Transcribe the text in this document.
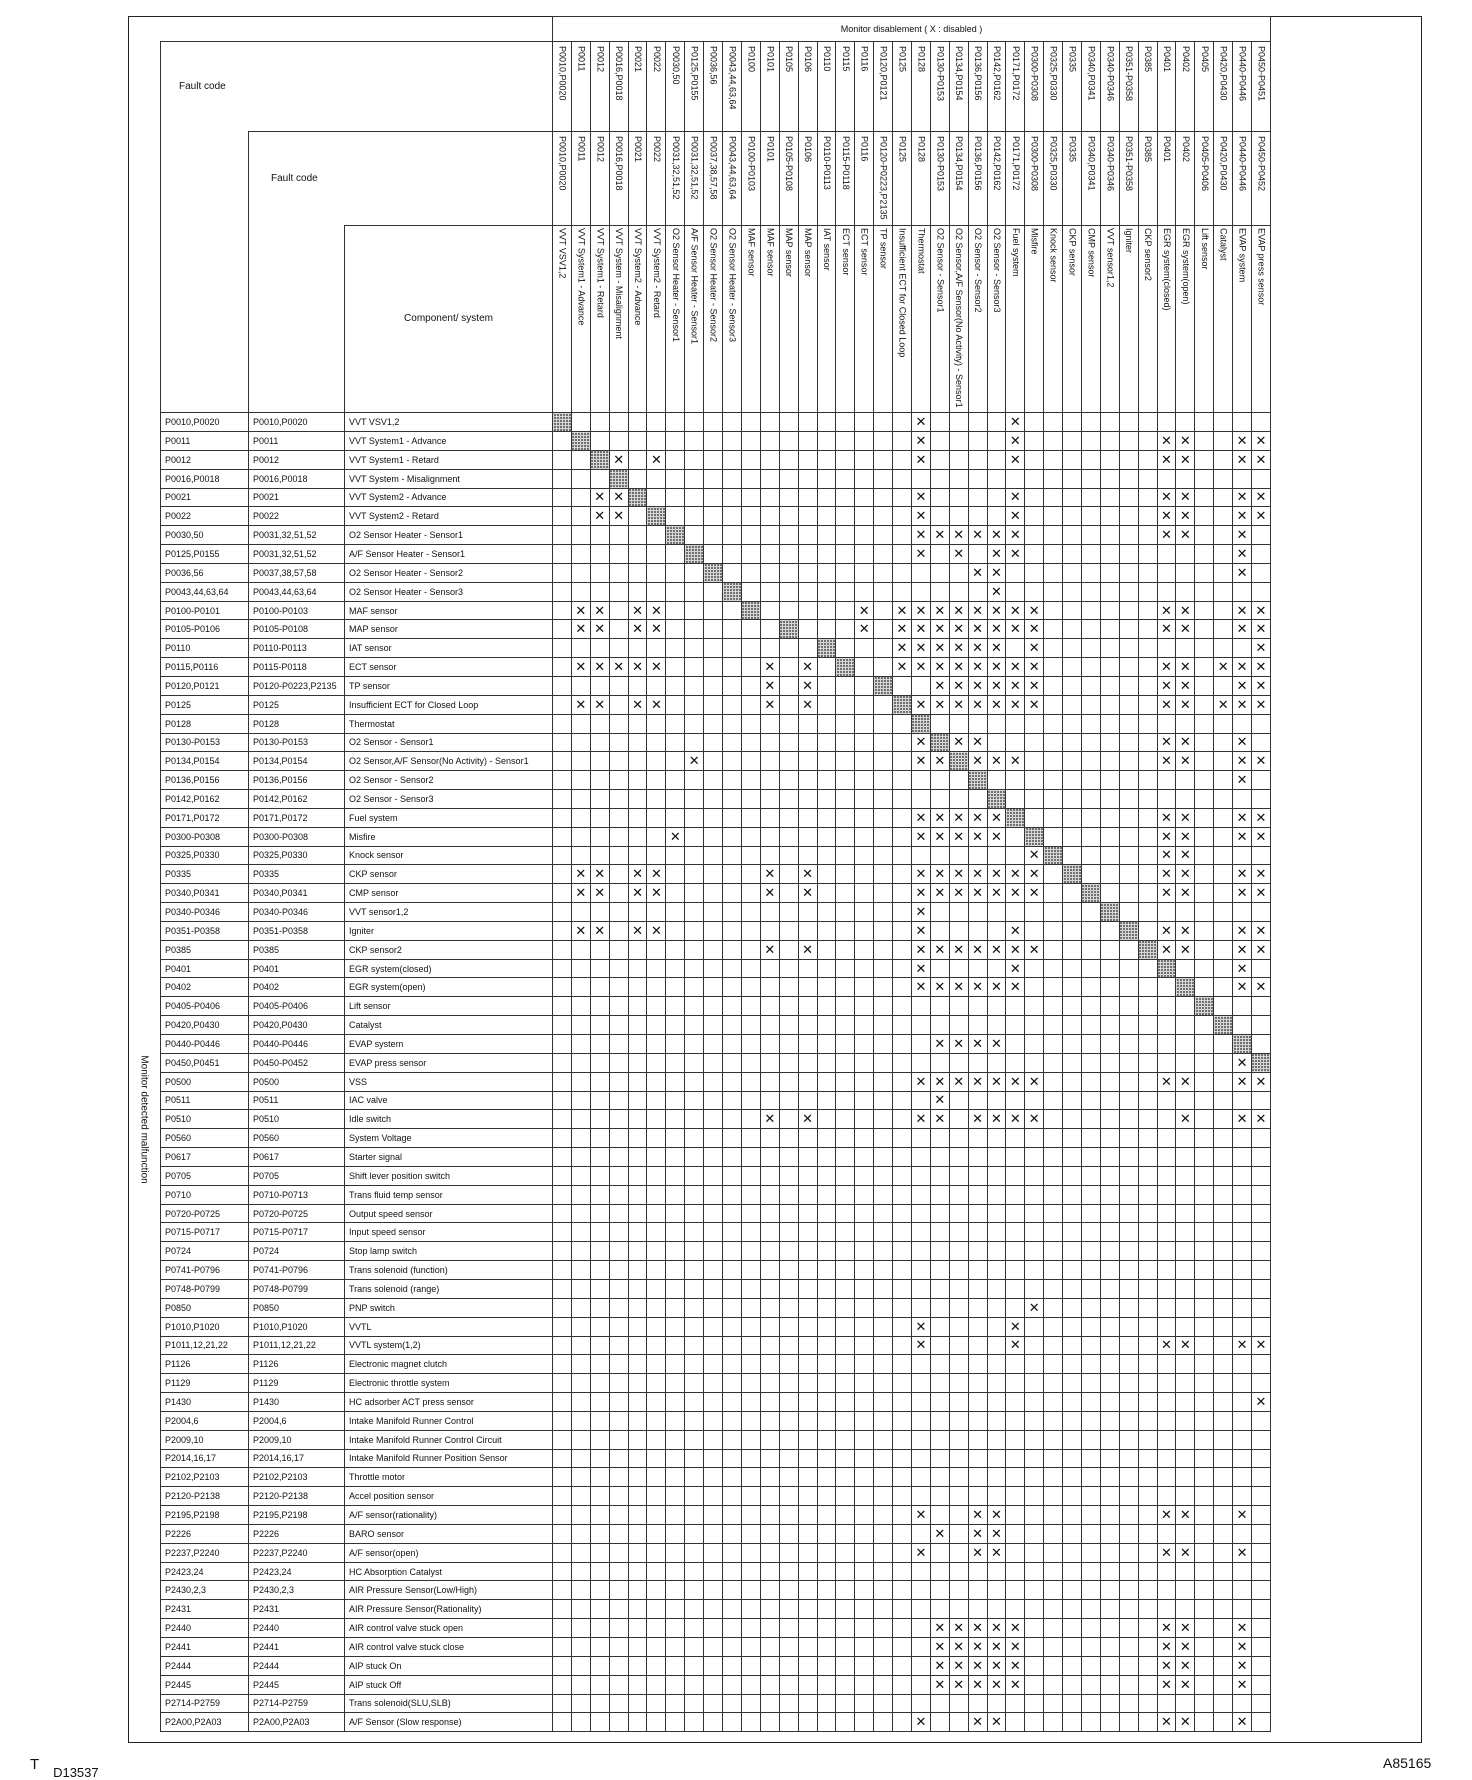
Monitor detected malfunction
			Monitor disablement ( X : disabled )																																					
Fault code			P0010,P0020	P0011	P0012	P0016,P0018	P0021	P0022	P0030,50	P0125,P0155	P0036,56	P0043,44,63,64	P0100	P0101	P0105	P0106	P0110	P0115	P0116	P0120,P0121	P0125	P0128	P0130-P0153	P0134,P0154	P0136,P0156	P0142,P0162	P0171,P0172	P0300-P0308	P0325,P0330	P0335	P0340,P0341	P0340-P0346	P0351-P0358	P0385	P0401	P0402	P0405	P0420,P0430	P0440-P0446	P0450-P0451
	Fault code		P0010,P0020	P0011	P0012	P0016,P0018	P0021	P0022	P0031,32,51,52	P0031,32,51,52	P0037,38,57,58	P0043,44,63,64	P0100-P0103	P0101	P0105-P0108	P0106	P0110-P0113	P0115-P0118	P0116	P0120-P0223,P2135	P0125	P0128	P0130-P0153	P0134,P0154	P0136,P0156	P0142,P0162	P0171,P0172	P0300-P0308	P0325,P0330	P0335	P0340,P0341	P0340-P0346	P0351-P0358	P0385	P0401	P0402	P0405-P0406	P0420,P0430	P0440-P0446	P0450-P0452
		Component/ system	VVT VSV1,2	VVT System1 - Advance	VVT System1 - Retard	VVT System - Misalignment	VVT System2 - Advance	VVT System2 - Retard	O2 Sensor Heater - Sensor1	A/F Sensor Heater - Sensor1	O2 Sensor Heater - Sensor2	O2 Sensor Heater - Sensor3	MAF sensor	MAF sensor	MAP sensor	MAP sensor	IAT sensor	ECT sensor	ECT sensor	TP sensor	Insufficient ECT for Closed Loop	Thermostat	O2 Sensor - Sensor1	O2 Sensor,A/F Sensor(No Activity) - Sensor1	O2 Sensor - Sensor2	O2 Sensor - Sensor3	Fuel system	Misfire	Knock sensor	CKP sensor	CMP sensor	VVT sensor1,2	Igniter	CKP sensor2	EGR system(closed)	EGR system(open)	Lift sensor	Catalyst	EVAP system	EVAP press sensor
P0010,P0020	P0010,P0020	VVT VSV1,2																				✕					✕													
P0011	P0011	VVT System1 - Advance																				✕					✕								✕	✕			✕	✕
P0012	P0012	VVT System1 - Retard				✕		✕														✕					✕								✕	✕			✕	✕
P0016,P0018	P0016,P0018	VVT System - Misalignment																																						
P0021	P0021	VVT System2 - Advance			✕	✕																✕					✕								✕	✕			✕	✕
P0022	P0022	VVT System2 - Retard			✕	✕																✕					✕								✕	✕			✕	✕
P0030,50	P0031,32,51,52	O2 Sensor Heater - Sensor1																				✕	✕	✕	✕	✕	✕								✕	✕			✕	
P0125,P0155	P0031,32,51,52	A/F Sensor Heater - Sensor1																				✕		✕		✕	✕												✕	
P0036,56	P0037,38,57,58	O2 Sensor Heater - Sensor2																							✕	✕													✕	
P0043,44,63,64	P0043,44,63,64	O2 Sensor Heater - Sensor3																								✕														
P0100-P0101	P0100-P0103	MAF sensor		✕	✕		✕	✕											✕		✕	✕	✕	✕	✕	✕	✕	✕							✕	✕			✕	✕
P0105-P0106	P0105-P0108	MAP sensor		✕	✕		✕	✕											✕		✕	✕	✕	✕	✕	✕	✕	✕							✕	✕			✕	✕
P0110	P0110-P0113	IAT sensor																			✕	✕	✕	✕	✕	✕		✕												✕
P0115,P0116	P0115-P0118	ECT sensor		✕	✕	✕	✕	✕						✕		✕					✕	✕	✕	✕	✕	✕	✕	✕							✕	✕		✕	✕	✕
P0120,P0121	P0120-P0223,P2135	TP sensor												✕		✕							✕	✕	✕	✕	✕	✕							✕	✕			✕	✕
P0125	P0125	Insufficient ECT for Closed Loop		✕	✕		✕	✕						✕		✕						✕	✕	✕	✕	✕	✕	✕							✕	✕		✕	✕	✕
P0128	P0128	Thermostat																																						
P0130-P0153	P0130-P0153	O2 Sensor - Sensor1																				✕		✕	✕										✕	✕			✕	
P0134,P0154	P0134,P0154	O2 Sensor,A/F Sensor(No Activity) - Sensor1								✕												✕	✕		✕	✕	✕								✕	✕			✕	✕
P0136,P0156	P0136,P0156	O2 Sensor - Sensor2																																					✕	
P0142,P0162	P0142,P0162	O2 Sensor - Sensor3																																						
P0171,P0172	P0171,P0172	Fuel system																				✕	✕	✕	✕	✕									✕	✕			✕	✕
P0300-P0308	P0300-P0308	Misfire							✕													✕	✕	✕	✕	✕									✕	✕			✕	✕
P0325,P0330	P0325,P0330	Knock sensor																										✕							✕	✕				
P0335	P0335	CKP sensor		✕	✕		✕	✕						✕		✕						✕	✕	✕	✕	✕	✕	✕							✕	✕			✕	✕
P0340,P0341	P0340,P0341	CMP sensor		✕	✕		✕	✕						✕		✕						✕	✕	✕	✕	✕	✕	✕							✕	✕			✕	✕
P0340-P0346	P0340-P0346	VVT sensor1,2																				✕																		
P0351-P0358	P0351-P0358	Igniter		✕	✕		✕	✕														✕					✕								✕	✕			✕	✕
P0385	P0385	CKP sensor2												✕		✕						✕	✕	✕	✕	✕	✕	✕							✕	✕			✕	✕
P0401	P0401	EGR system(closed)																				✕					✕												✕	
P0402	P0402	EGR system(open)																				✕	✕	✕	✕	✕	✕												✕	✕
P0405-P0406	P0405-P0406	Lift sensor																																						
P0420,P0430	P0420,P0430	Catalyst																																						
P0440-P0446	P0440-P0446	EVAP system																					✕	✕	✕	✕														
P0450,P0451	P0450-P0452	EVAP press sensor																																					✕	
P0500	P0500	VSS																				✕	✕	✕	✕	✕	✕	✕							✕	✕			✕	✕
P0511	P0511	IAC valve																					✕																	
P0510	P0510	Idle switch												✕		✕						✕	✕		✕	✕	✕	✕								✕			✕	✕
P0560	P0560	System Voltage																																						
P0617	P0617	Starter signal																																						
P0705	P0705	Shift lever position switch																																						
P0710	P0710-P0713	Trans fluid temp sensor																																						
P0720-P0725	P0720-P0725	Output speed sensor																																						
P0715-P0717	P0715-P0717	Input speed sensor																																						
P0724	P0724	Stop lamp switch																																						
P0741-P0796	P0741-P0796	Trans solenoid (function)																																						
P0748-P0799	P0748-P0799	Trans solenoid (range)																																						
P0850	P0850	PNP switch																										✕												
P1010,P1020	P1010,P1020	VVTL																				✕					✕													
P1011,12,21,22	P1011,12,21,22	VVTL system(1,2)																				✕					✕								✕	✕			✕	✕
P1126	P1126	Electronic magnet clutch																																						
P1129	P1129	Electronic throttle system																																						
P1430	P1430	HC adsorber ACT press sensor																																						✕
P2004,6	P2004,6	Intake Manifold Runner Control																																						
P2009,10	P2009,10	Intake Manifold Runner Control Circuit																																						
P2014,16,17	P2014,16,17	Intake Manifold Runner Position Sensor																																						
P2102,P2103	P2102,P2103	Throttle motor																																						
P2120-P2138	P2120-P2138	Accel position sensor																																						
P2195,P2198	P2195,P2198	A/F sensor(rationality)																				✕			✕	✕									✕	✕			✕	
P2226	P2226	BARO sensor																					✕		✕	✕														
P2237,P2240	P2237,P2240	A/F sensor(open)																				✕			✕	✕									✕	✕			✕	
P2423,24	P2423,24	HC Absorption Catalyst																																						
P2430,2,3	P2430,2,3	AIR Pressure Sensor(Low/High)																																						
P2431	P2431	AIR Pressure Sensor(Rationality)																																						
P2440	P2440	AIR control valve stuck open																					✕	✕	✕	✕	✕								✕	✕			✕	
P2441	P2441	AIR control valve stuck close																					✕	✕	✕	✕	✕								✕	✕			✕	
P2444	P2444	AIP stuck On																					✕	✕	✕	✕	✕								✕	✕			✕	
P2445	P2445	AIP stuck Off																					✕	✕	✕	✕	✕								✕	✕			✕	
P2714-P2759	P2714-P2759	Trans solenoid(SLU,SLB)																																						
P2A00,P2A03	P2A00,P2A03	A/F Sensor (Slow response)																				✕			✕	✕									✕	✕			✕	
T D13537
A85165
